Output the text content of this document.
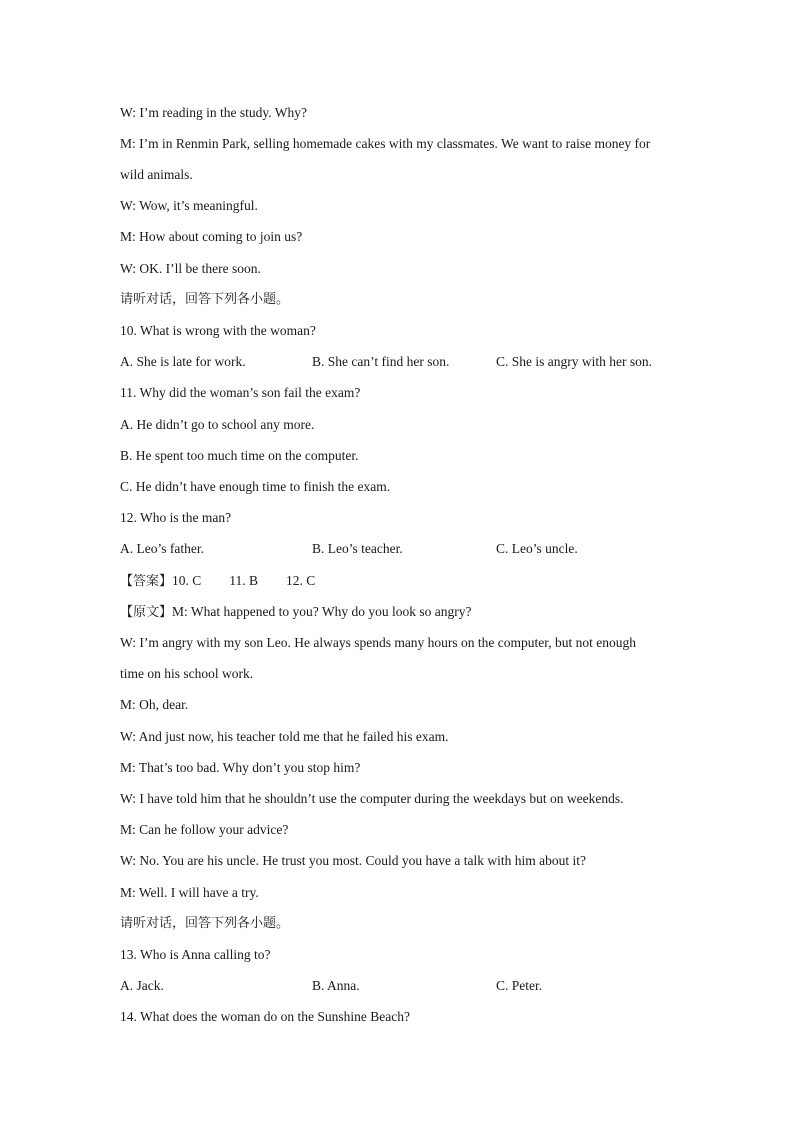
W: I’m reading in the study. Why?
M: I’m in Renmin Park, selling homemade cakes with my classmates. We want to raise money for
wild animals.
W: Wow, it’s meaningful.
M: How about coming to join us?
W: OK. I’ll be there soon.
请听对话，回答下列各小题。
10. What is wrong with the woman?
A. She is late for work.	B. She can’t find her son.	C. She is angry with her son.
11. Why did the woman’s son fail the exam?
A. He didn’t go to school any more.
B. He spent too much time on the computer.
C. He didn’t have enough time to finish the exam.
12. Who is the man?
A. Leo’s father.	B. Leo’s teacher.	C. Leo’s uncle.
【答案】10. C 11. B 12. C
【原文】M: What happened to you? Why do you look so angry?
W: I’m angry with my son Leo. He always spends many hours on the computer, but not enough
time on his school work.
M: Oh, dear.
W: And just now, his teacher told me that he failed his exam.
M: That’s too bad. Why don’t you stop him?
W: I have told him that he shouldn’t use the computer during the weekdays but on weekends.
M: Can he follow your advice?
W: No. You are his uncle. He trust you most. Could you have a talk with him about it?
M: Well. I will have a try.
请听对话，回答下列各小题。
13. Who is Anna calling to?
A. Jack.	B. Anna.	C. Peter.
14. What does the woman do on the Sunshine Beach?
